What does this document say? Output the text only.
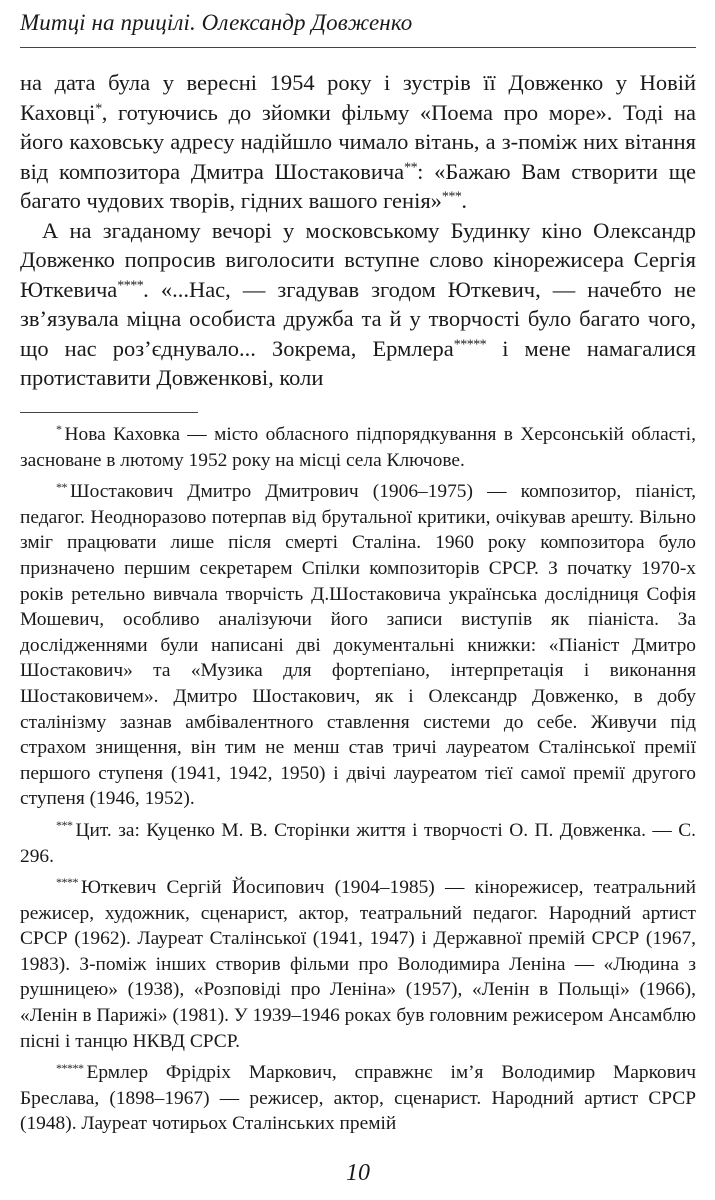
Митці на прицілі. Олександр Довженко

на дата була у вересні 1954 року і зустрів її Довженко у Новій Каховці*, готуючись до зйомки фільму «Поема про море». Тоді на його каховську адресу надійшло чимало вітань, а з-поміж них вітання від композитора Дмитра Шостаковича**: «Бажаю Вам створити ще багато чудових творів, гідних вашого генія»***.

А на згаданому вечорі у московському Будинку кіно Олександр Довженко попросив виголосити вступне слово кінорежисера Сергія Юткевича****. «...Нас, — згадував згодом Юткевич, — начебто не зв’язувала міцна особиста дружба та й у творчості було багато чого, що нас роз’єднувало... Зокрема, Ермлера***** і мене намагалися протиставити Довженкові, коли

* Нова Каховка — місто обласного підпорядкування в Херсонській області, засноване в лютому 1952 року на місці села Ключове.

** Шостакович Дмитро Дмитрович (1906–1975) — композитор, піаніст, педагог. Неодноразово потерпав від брутальної критики, очікував арешту. Вільно зміг працювати лише після смерті Сталіна. 1960 року композитора було призначено першим секретарем Спілки композиторів СРСР. З початку 1970-х років ретельно вивчала творчість Д.Шостаковича українська дослідниця Софія Мошевич, особливо аналізуючи його записи виступів як піаніста. За дослідженнями були написані дві документальні книжки: «Піаніст Дмитро Шостакович» та «Музика для фортепіано, інтерпретація і виконання Шостаковичем». Дмитро Шостакович, як і Олександр Довженко, в добу сталінізму зазнав амбівалентного ставлення системи до себе. Живучи під страхом знищення, він тим не менш став тричі лауреатом Сталінської премії першого ступеня (1941, 1942, 1950) і двічі лауреатом тієї самої премії другого ступеня (1946, 1952).

*** Цит. за: Куценко М. В. Сторінки життя і творчості О. П. Довженка. — С. 296.

**** Юткевич Сергій Йосипович (1904–1985) — кінорежисер, театральний режисер, художник, сценарист, актор, театральний педагог. Народний артист СРСР (1962). Лауреат Сталінської (1941, 1947) і Державної премій СРСР (1967, 1983). З-поміж інших створив фільми про Володимира Леніна — «Людина з рушницею» (1938), «Розповіді про Леніна» (1957), «Ленін в Польщі» (1966), «Ленін в Парижі» (1981). У 1939–1946 роках був головним режисером Ансамблю пісні і танцю НКВД СРСР.

***** Ермлер Фрідріх Маркович, справжнє ім’я Володимир Маркович Бреслава, (1898–1967) — режисер, актор, сценарист. Народний артист СРСР (1948). Лауреат чотирьох Сталінських премій

10
